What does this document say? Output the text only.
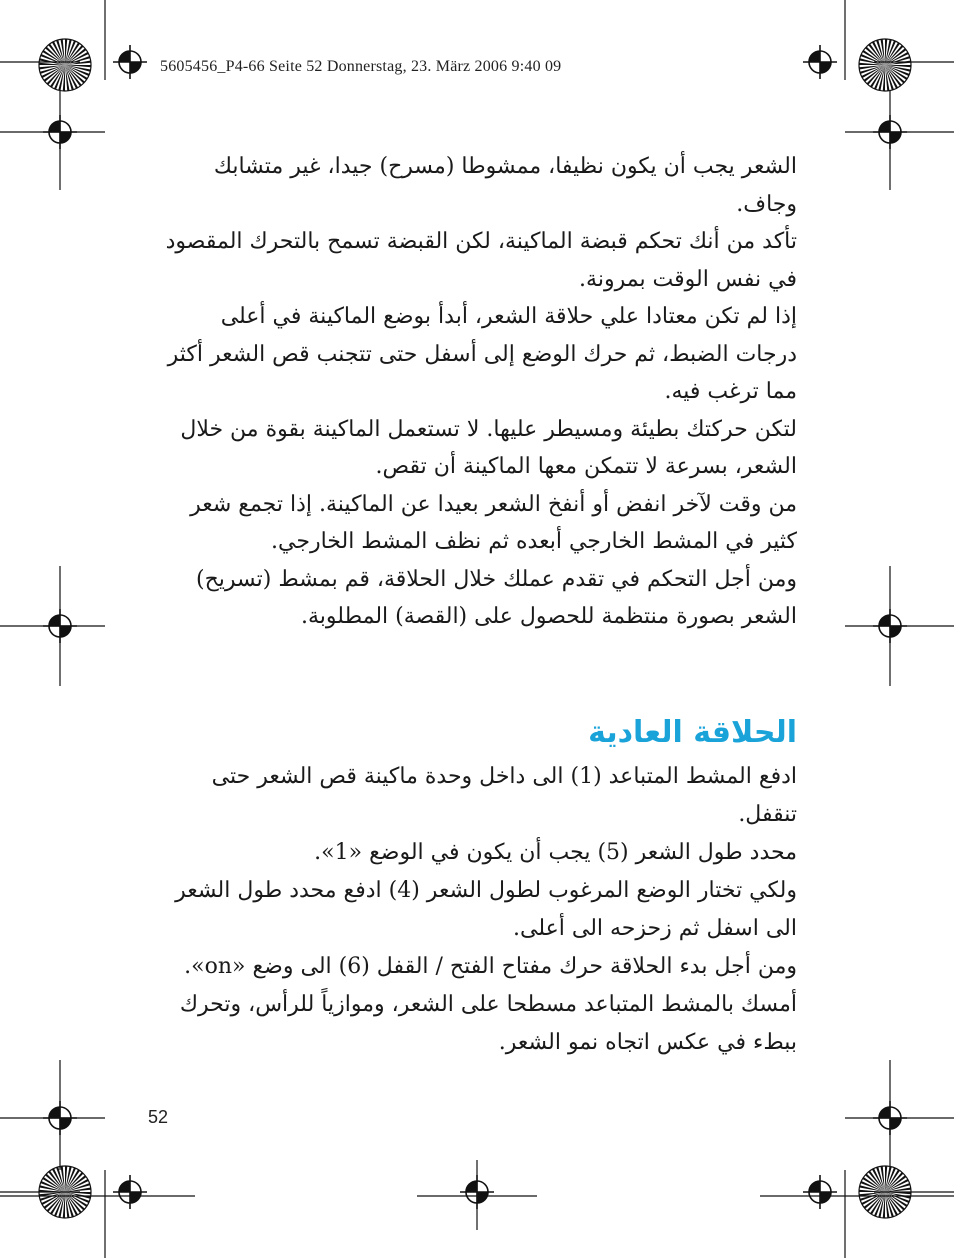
5605456_P4-66 Seite 52 Donnerstag, 23. März 2006 9:40 09

الشعر يجب أن يكون نظيفا، ممشوطا (مسرح) جيدا، غير متشابك وجاف.

تأكد من أنك تحكم قبضة الماكينة، لكن القبضة تسمح بالتحرك المقصود في نفس الوقت بمرونة.

إذا لم تكن معتادا علي حلاقة الشعر، أبدأ بوضع الماكينة في أعلى درجات الضبط، ثم حرك الوضع إلى أسفل حتى تتجنب قص الشعر أكثر مما ترغب فيه.

لتكن حركتك بطيئة ومسيطر عليها. لا تستعمل الماكينة بقوة من خلال الشعر، بسرعة لا تتمكن معها الماكينة أن تقص.

من وقت لآخر انفض أو أنفخ الشعر بعيدا عن الماكينة. إذا تجمع شعر كثير في المشط الخارجي أبعده ثم نظف المشط الخارجي.

ومن أجل التحكم في تقدم عملك خلال الحلاقة، قم بمشط (تسريح) الشعر بصورة منتظمة للحصول على (القصة) المطلوبة.

الحلاقة العادية

ادفع المشط المتباعد (1) الى داخل وحدة ماكينة قص الشعر حتى تنقفل.

محدد طول الشعر (5) يجب أن يكون في الوضع «1».

ولكي تختار الوضع المرغوب لطول الشعر (4) ادفع محدد طول الشعر الى اسفل ثم زحزحه الى أعلى.

ومن أجل بدء الحلاقة حرك مفتاح الفتح / القفل (6) الى وضع «on».

أمسك بالمشط المتباعد مسطحا على الشعر، وموازياً للرأس، وتحرك ببطء في عكس اتجاه نمو الشعر.

52
